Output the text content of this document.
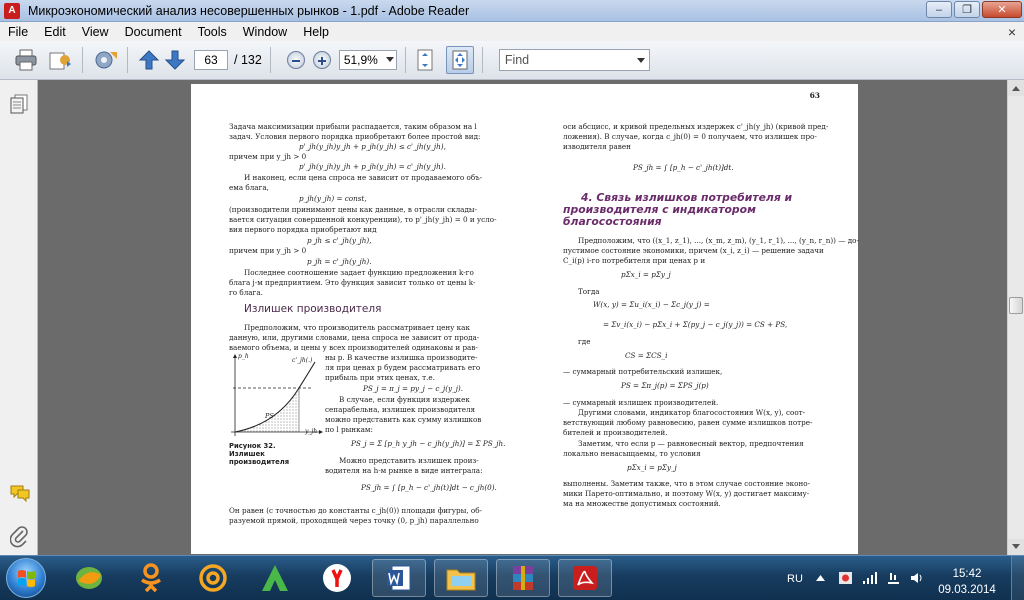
A Микроэкономический анализ несовершенных рынков - 1.pdf - Adobe Reader	–	❐	✕
File	Edit	View	Document	Tools	Window	Help	×
63	/ 132	51,9%	Find
63
Задача максимизации прибыли распадается, таким образом на l
задач. Условия первого порядка приобретают более простой вид:
p'_jh(y_jh)y_jh + p_jh(y_jh) ≤ c'_jh(y_jh),
причем при y_jh > 0
p'_jh(y_jh)y_jh + p_jh(y_jh) = c'_jh(y_jh).
И наконец, если цена спроса не зависит от продаваемого объ-
ема блага,
p_jh(y_jh) = const,
(производители принимают цены как данные, в отрасли склады-
вается ситуация совершенной конкуренции), то p'_jh(y_jh) = 0 и усло-
вия первого порядка приобретают вид
p_jh ≤ c'_jh(y_jh),
причем при y_jh > 0
p_jh = c'_jh(y_jh).
Последнее соотношение задает функцию предложения k-го
блага j-м предприятием. Это функция зависит только от цены k-
го блага.
Излишек производителя
Предположим, что производитель рассматривает цену как
данную, или, другими словами, цена спроса не зависит от прода-
ваемого объема, и цены у всех производителей одинаковы и рав-
ны p. В качестве излишка производите-
ля при ценах p будем рассматривать его
прибыль при этих ценах, т.е.
PS_j = π_j = py_j − c_j(y_j).
В случае, если функция издержек
сепарабельна, излишек производителя
можно представить как сумму излишков
по l рынкам:
PS_j = Σ [p_h y_jh − c_jh(y_jh)] = Σ PS_jh.
Можно представить излишек произ-
водителя на h-м рынке в виде интеграла:
PS_jh = ∫ [p_h − c'_jh(t)]dt − c_jh(0).
Он равен (с точностью до константы c_jh(0)) площади фигуры, об-
разуемой прямой, проходящей через точку (0, p_jh) параллельно
p_h
c'_jh(.)
PS
y_jh
Рисунок 32.
Излишек
производителя
оси абсцисс, и кривой предельных издержек c'_jh(y_jh) (кривой пред-
ложения). В случае, когда c_jh(0) = 0 получаем, что излишек про-
изводителя равен
PS_jh = ∫ [p_h − c'_jh(t)]dt.
4. Связь излишков потребителя и
производителя с индикатором
благосостояния
Предположим, что ((x_1, z_1), ..., (x_m, z_m), (y_1, r_1), ..., (y_n, r_n)) — до-
пустимое состояние экономики, причем (x_i, z_i) — решение задачи
C_i(p) i-го потребителя при ценах p и
pΣx_i = pΣy_j
Тогда
W(x, y) = Σu_i(x_i) − Σc_j(y_j) =
= Σv_i(x_i) − pΣx_i + Σ(py_j − c_j(y_j)) = CS + PS,
где
CS = ΣCS_i
— суммарный потребительский излишек,
PS = Σπ_j(p) = ΣPS_j(p)
— суммарный излишек производителей.
Другими словами, индикатор благосостояния W(x, y), соот-
ветствующий любому равновесию, равен сумме излишков потре-
бителей и производителей.
Заметим, что если p — равновесный вектор, предпочтения
локально ненасыщаемы, то условия
pΣx_i = pΣy_j
выполнены. Заметим также, что в этом случае состояние эконо-
мики Парето-оптимально, и поэтому W(x, y) достигает максиму-
ма на множестве допустимых состояний.
RU	15:42
09.03.2014
